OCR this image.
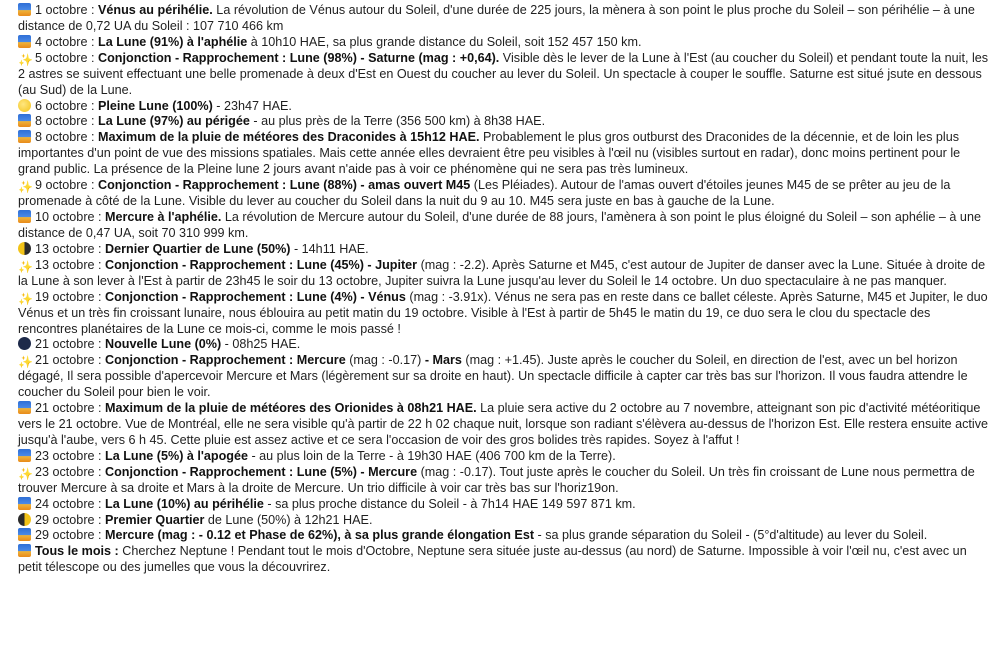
1 octobre : Vénus au périhélie. La révolution de Vénus autour du Soleil, d'une durée de 225 jours, la mènera à son point le plus proche du Soleil – son périhélie – à une distance de 0,72 UA du Soleil : 107 710 466 km

4 octobre : La Lune (91%) à l'aphélie à 10h10 HAE, sa plus grande distance du Soleil, soit 152 457 150 km.

✨ 5 octobre : Conjonction - Rapprochement : Lune (98%) - Saturne (mag : +0,64). Visible dès le lever de la Lune à l'Est (au coucher du Soleil) et pendant toute la nuit, les 2 astres se suivent effectuant une belle promenade à deux d'Est en Ouest du coucher au lever du Soleil. Un spectacle à couper le souffle. Saturne est situé jsute en dessous (au Sud) de la Lune.

6 octobre : Pleine Lune (100%) - 23h47 HAE.

8 octobre : La Lune (97%) au périgée - au plus près de la Terre (356 500 km) à 8h38 HAE.

8 octobre : Maximum de la pluie de météores des Draconides à 15h12 HAE. Probablement le plus gros outburst des Draconides de la décennie, et de loin les plus importantes d'un point de vue des missions spatiales. Mais cette année elles devraient être peu visibles à l'œil nu (visibles surtout en radar), donc moins pertinent pour le grand public. La présence de la Pleine lune 2 jours avant n'aide pas à voir ce phénomène qui ne sera pas très lumineux.

✨ 9 octobre : Conjonction - Rapprochement : Lune (88%) - amas ouvert M45 (Les Pléiades). Autour de l'amas ouvert d'étoiles jeunes M45 de se prêter au jeu de la promenade à côté de la Lune. Visible du lever au coucher du Soleil dans la nuit du 9 au 10. M45 sera juste en bas à gauche de la Lune.

10 octobre : Mercure à l'aphélie. La révolution de Mercure autour du Soleil, d'une durée de 88 jours, l'amènera à son point le plus éloigné du Soleil – son aphélie – à une distance de 0,47 UA, soit 70 310 999 km.

13 octobre : Dernier Quartier de Lune (50%) - 14h11 HAE.

✨ 13 octobre : Conjonction - Rapprochement : Lune (45%) - Jupiter (mag : -2.2). Après Saturne et M45, c'est autour de Jupiter de danser avec la Lune. Située à droite de la Lune à son lever à l'Est à partir de 23h45 le soir du 13 octobre, Jupiter suivra la Lune jusqu'au lever du Soleil le 14 octobre. Un duo spectaculaire à ne pas manquer.

✨ 19 octobre : Conjonction - Rapprochement : Lune (4%) - Vénus (mag : -3.91x). Vénus ne sera pas en reste dans ce ballet céleste. Après Saturne, M45 et Jupiter, le duo Vénus et un très fin croissant lunaire, nous éblouira au petit matin du 19 octobre. Visible à l'Est à partir de 5h45 le matin du 19, ce duo sera le clou du spectacle des rencontres planétaires de la Lune ce mois-ci, comme le mois passé !

21 octobre : Nouvelle Lune (0%) - 08h25 HAE.

✨ 21 octobre : Conjonction - Rapprochement : Mercure (mag : -0.17) - Mars (mag : +1.45). Juste après le coucher du Soleil, en direction de l'est, avec un bel horizon dégagé, Il sera possible d'apercevoir Mercure et Mars (légèrement sur sa droite en haut). Un spectacle difficile à capter car très bas sur l'horizon. Il vous faudra attendre le coucher du Soleil pour bien le voir.

21 octobre : Maximum de la pluie de météores des Orionides à 08h21 HAE. La pluie sera active du 2 octobre au 7 novembre, atteignant son pic d'activité météoritique vers le 21 octobre. Vue de Montréal, elle ne sera visible qu'à partir de 22 h 02 chaque nuit, lorsque son radiant s'élèvera au-dessus de l'horizon Est. Elle restera ensuite active jusqu'à l'aube, vers 6 h 45. Cette pluie est assez active et ce sera l'occasion de voir des gros bolides très rapides. Soyez à l'affut !

23 octobre : La Lune (5%) à l'apogée - au plus loin de la Terre - à 19h30 HAE (406 700 km de la Terre).

✨ 23 octobre : Conjonction - Rapprochement : Lune (5%) - Mercure (mag : -0.17). Tout juste après le coucher du Soleil. Un très fin croissant de Lune nous permettra de trouver Mercure à sa droite et Mars à la droite de Mercure. Un trio difficile à voir car très bas sur l'horiz19on.

24 octobre : La Lune (10%) au périhélie - sa plus proche distance du Soleil - à 7h14 HAE 149 597 871 km.

29 octobre : Premier Quartier de Lune (50%) à 12h21 HAE.

29 octobre : Mercure (mag : - 0.12 et Phase de 62%), à sa plus grande élongation Est - sa plus grande séparation du Soleil - (5°d'altitude) au lever du Soleil.

Tous le mois : Cherchez Neptune ! Pendant tout le mois d'Octobre, Neptune sera située juste au-dessus (au nord) de Saturne. Impossible à voir l'œil nu, c'est avec un petit télescope ou des jumelles que vous la découvrirez.
